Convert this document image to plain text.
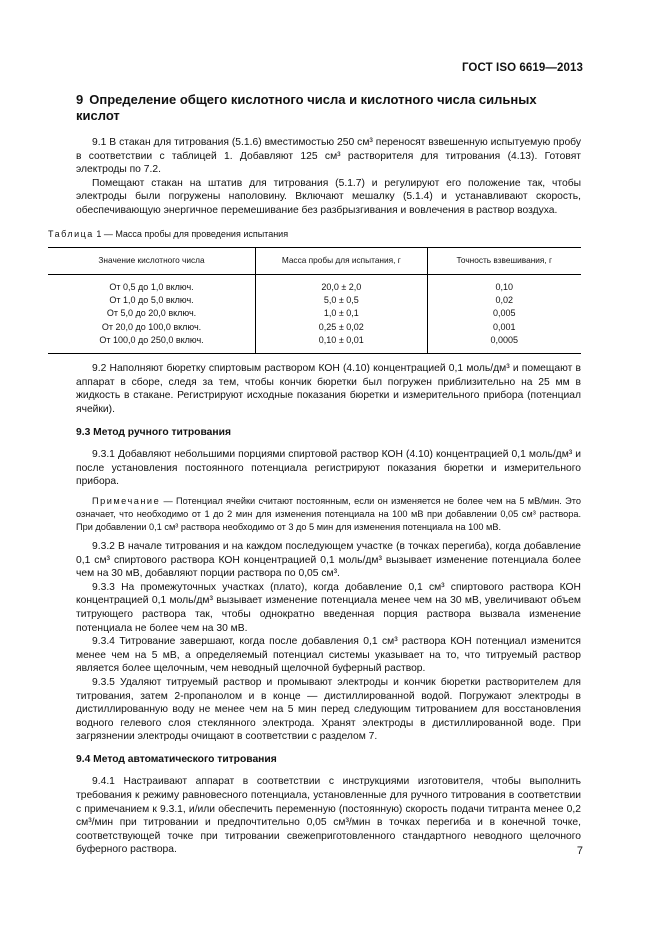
ГОСТ ISO 6619—2013
9 Определение общего кислотного числа и кислотного числа сильных кислот

9.1 В стакан для титрования (5.1.6) вместимостью 250 см³ переносят взвешенную испытуемую пробу в соответствии с таблицей 1. Добавляют 125 см³ растворителя для титрования (4.13). Готовят электроды по 7.2.

Помещают стакан на штатив для титрования (5.1.7) и регулируют его положение так, чтобы электроды были погружены наполовину. Включают мешалку (5.1.4) и устанавливают скорость, обеспечивающую энергичное перемешивание без разбрызгивания и вовлечения в раствор воздуха.

Таблица 1 — Масса пробы для проведения испытания

Значение кислотного числа	Масса пробы для испытания, г	Точность взвешивания, г
От 0,5 до 1,0 включ.	20,0 ± 2,0	0,10
От 1,0 до 5,0 включ.	5,0 ± 0,5	0,02
От 5,0 до 20,0 включ.	1,0 ± 0,1	0,005
От 20,0 до 100,0 включ.	0,25 ± 0,02	0,001
От 100,0 до 250,0 включ.	0,10 ± 0,01	0,0005

9.2 Наполняют бюретку спиртовым раствором КОН (4.10) концентрацией 0,1 моль/дм³ и помещают в аппарат в сборе, следя за тем, чтобы кончик бюретки был погружен приблизительно на 25 мм в жидкость в стакане. Регистрируют исходные показания бюретки и измерительного прибора (потенциал ячейки).

9.3 Метод ручного титрования

9.3.1 Добавляют небольшими порциями спиртовой раствор КОН (4.10) концентрацией 0,1 моль/дм³ и после установления постоянного потенциала регистрируют показания бюретки и измерительного прибора.

Примечание — Потенциал ячейки считают постоянным, если он изменяется не более чем на 5 мВ/мин. Это означает, что необходимо от 1 до 2 мин для изменения потенциала на 100 мВ при добавлении 0,05 см³ раствора. При добавлении 0,1 см³ раствора необходимо от 3 до 5 мин для изменения потенциала на 100 мВ.

9.3.2 В начале титрования и на каждом последующем участке (в точках перегиба), когда добавление 0,1 см³ спиртового раствора КОН концентрацией 0,1 моль/дм³ вызывает изменение потенциала более чем на 30 мВ, добавляют порции раствора по 0,05 см³.

9.3.3 На промежуточных участках (плато), когда добавление 0,1 см³ спиртового раствора КОН концентрацией 0,1 моль/дм³ вызывает изменение потенциала менее чем на 30 мВ, увеличивают объем титрующего раствора так, чтобы однократно введенная порция раствора вызвала изменение потенциала не более чем на 30 мВ.

9.3.4 Титрование завершают, когда после добавления 0,1 см³ раствора КОН потенциал изменится менее чем на 5 мВ, а определяемый потенциал системы указывает на то, что титруемый раствор является более щелочным, чем неводный щелочной буферный раствор.

9.3.5 Удаляют титруемый раствор и промывают электроды и кончик бюретки растворителем для титрования, затем 2-пропанолом и в конце — дистиллированной водой. Погружают электроды в дистиллированную воду не менее чем на 5 мин перед следующим титрованием для восстановления водного гелевого слоя стеклянного электрода. Хранят электроды в дистиллированной воде. При загрязнении электроды очищают в соответствии с разделом 7.

9.4 Метод автоматического титрования

9.4.1 Настраивают аппарат в соответствии с инструкциями изготовителя, чтобы выполнить требования к режиму равновесного потенциала, установленные для ручного титрования в соответствии с примечанием к 9.3.1, и/или обеспечить переменную (постоянную) скорость подачи титранта менее 0,2 см³/мин при титровании и предпочтительно 0,05 см³/мин в точках перегиба и в конечной точке, соответствующей точке при титровании свежеприготовленного стандартного неводного щелочного буферного раствора.	7
